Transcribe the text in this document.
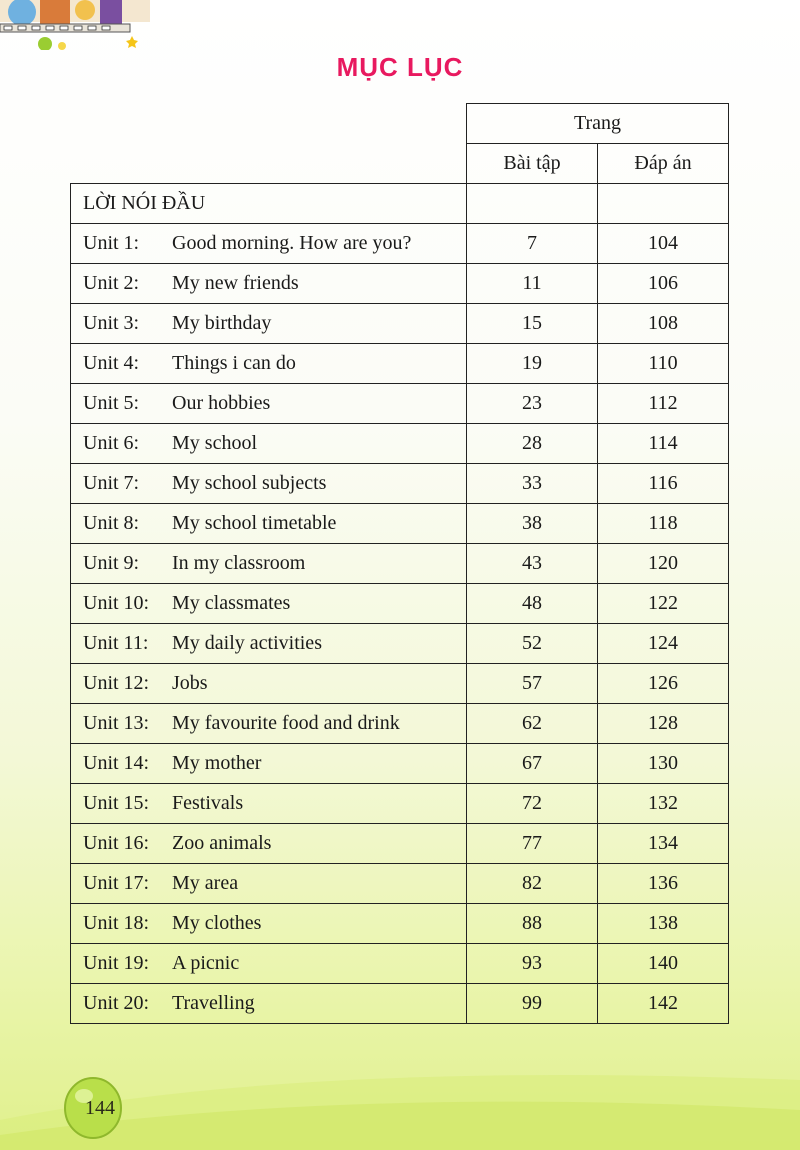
MỤC LỤC
	Trang	
	Bài tập	Đáp án
LỜI NÓI ĐẦU		
Unit 1: Good morning. How are you?	7	104
Unit 2: My new friends	11	106
Unit 3: My birthday	15	108
Unit 4: Things i can do	19	110
Unit 5: Our hobbies	23	112
Unit 6: My school	28	114
Unit 7: My school subjects	33	116
Unit 8: My school timetable	38	118
Unit 9: In my classroom	43	120
Unit 10: My classmates	48	122
Unit 11: My daily activities	52	124
Unit 12: Jobs	57	126
Unit 13: My favourite food and drink	62	128
Unit 14: My mother	67	130
Unit 15: Festivals	72	132
Unit 16: Zoo animals	77	134
Unit 17: My area	82	136
Unit 18: My clothes	88	138
Unit 19: A picnic	93	140
Unit 20: Travelling	99	142
144
